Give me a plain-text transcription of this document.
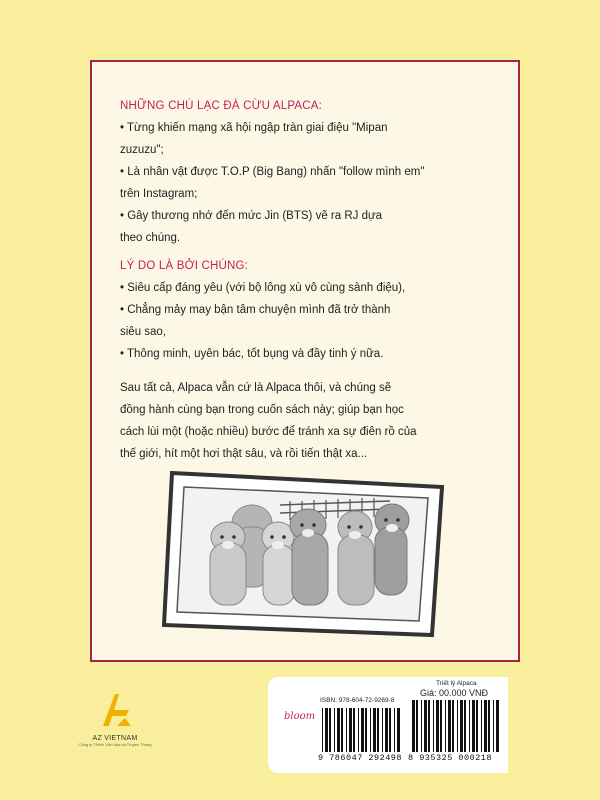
NHỮNG CHÚ LẠC ĐÀ CỪU ALPACA:
• Từng khiến mạng xã hội ngập tràn giai điệu "Mipan
zuzuzu";
• Là nhân vật được T.O.P (Big Bang) nhấn "follow mình em"
trên Instagram;
• Gây thương nhớ đến mức Jin (BTS) vẽ ra RJ dựa
theo chúng.
LÝ DO LÀ BỞI CHÚNG:
• Siêu cấp đáng yêu (với bộ lông xù vô cùng sành điệu),
• Chẳng mảy may bận tâm chuyện mình đã trở thành
siêu sao,
• Thông minh, uyên bác, tốt bụng và đầy tinh ý nữa.
Sau tất cả, Alpaca vẫn cứ là Alpaca thôi, và chúng sẽ
đồng hành cùng bạn trong cuốn sách này; giúp bạn học
cách lùi một (hoặc nhiều) bước để tránh xa sự điên rồ của
thế giới, hít một hơi thật sâu, và rồi tiến thật xa...
AZ VIETNAM
Công ty TNHH Văn hóa và Truyền Thông
Triết lý Alpaca
Giá: 00.000 VNĐ
ISBN: 978-604-72-9269-8
bloom
9 786047 292498 8 935325 000218
